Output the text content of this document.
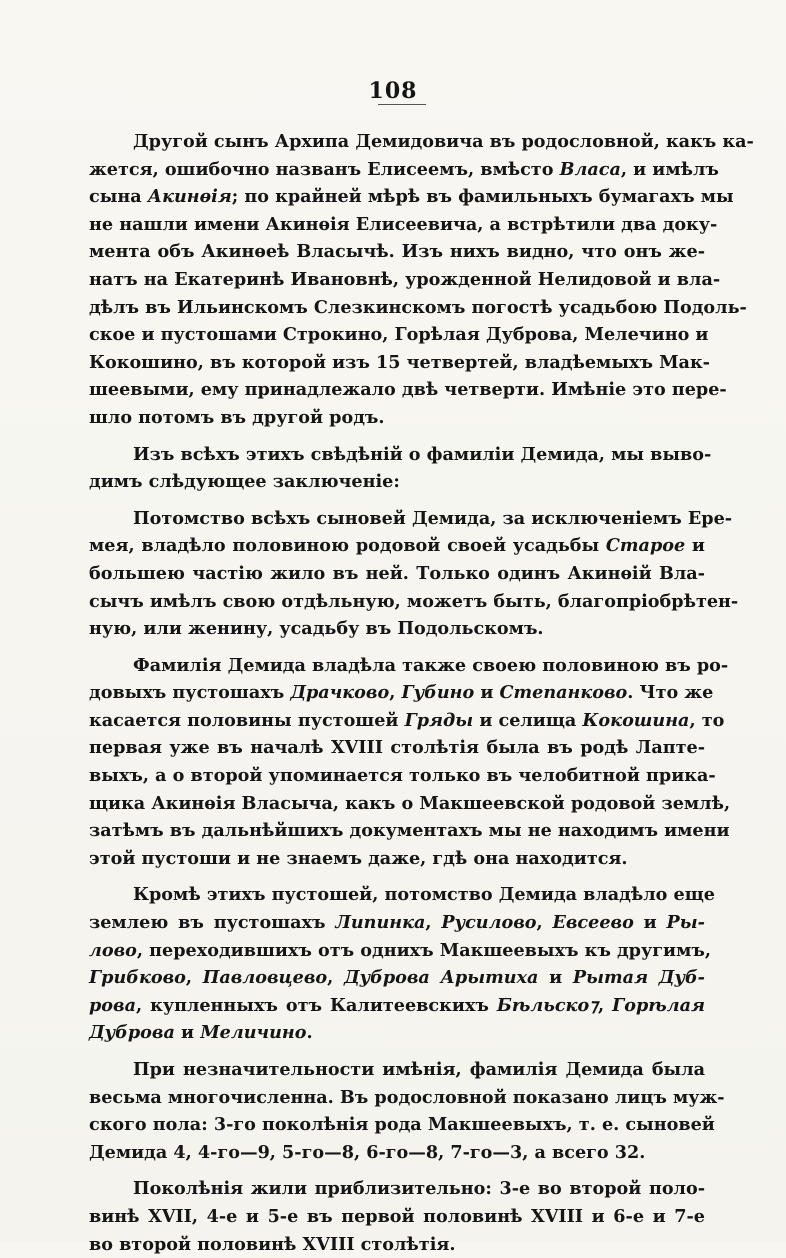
108
Другой сынъ Архипа Демидовича въ родословной, какъ ка-
жется, ошибочно названъ Елисеемъ, вмѣсто Власа, и имѣлъ
сына Акинѳія; по крайней мѣрѣ въ фамильныхъ бумагахъ мы
не нашли имени Акинѳія Елисеевича, а встрѣтили два доку-
мента объ Акинѳеѣ Власычѣ. Изъ нихъ видно, что онъ же-
натъ на Екатеринѣ Ивановнѣ, урожденной Нелидовой и вла-
дѣлъ въ Ильинскомъ Слезкинскомъ погостѣ усадьбою Подоль-
ское и пустошами Строкино, Горѣлая Дуброва, Мелечино и
Кокошино, въ которой изъ 15 четвертей, владѣемыхъ Мак-
шеевыми, ему принадлежало двѣ четверти. Имѣніе это пере-
шло потомъ въ другой родъ.
Изъ всѣхъ этихъ свѣдѣній о фамиліи Демида, мы выво-
димъ слѣдующее заключеніе:
Потомство всѣхъ сыновей Демида, за исключеніемъ Ере-
мея, владѣло половиною родовой своей усадьбы Старое и
большею частію жило въ ней. Только одинъ Акинѳій Вла-
сычъ имѣлъ свою отдѣльную, можетъ быть, благопріобрѣтен-
ную, или женину, усадьбу въ Подольскомъ.
Фамилія Демида владѣла также своею половиною въ ро-
довыхъ пустошахъ Драчково, Губино и Степанково. Что же
касается половины пустошей Гряды и селища Кокошина, то
первая уже въ началѣ XVIII столѣтія была въ родѣ Лаптe-
выхъ, а о второй упоминается только въ челобитной прика-
щика Акинѳія Власыча, какъ о Макшеевской родовой землѣ,
затѣмъ въ дальнѣйшихъ документахъ мы не находимъ имени
этой пустоши и не знаемъ даже, гдѣ она находится.
Кромѣ этихъ пустошей, потомство Демида владѣло еще
землею въ пустошахъ Липинка, Русилово, Евсеево и Ры-
лово, переходившихъ отъ однихъ Макшеевыхъ къ другимъ,
Грибково, Павловцево, Дуброва Арытиха и Рытая Дуб-
рова, купленныхъ отъ Калитеевскихъ Бѣльско⁊, Горѣлая
Дуброва и Меличино.
При незначительности имѣнія, фамилія Демида была
весьма многочисленна. Въ родословной показано лицъ муж-
ского пола: 3-го поколѣнія рода Макшеевыхъ, т. е. сыновей
Демида 4, 4-го—9, 5-го—8, 6-го—8, 7-го—3, а всего 32.
Поколѣнія жили приблизительно: 3-е во второй поло-
винѣ XVII, 4-е и 5-е въ первой половинѣ XVIII и 6-е и 7-е
во второй половинѣ XVIII столѣтія.
